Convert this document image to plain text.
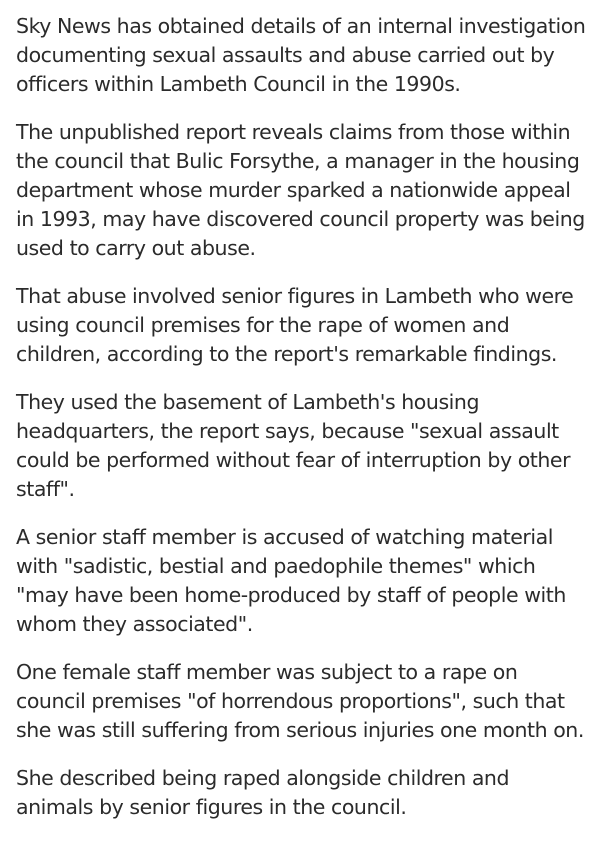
Sky News has obtained details of an internal investigation documenting sexual assaults and abuse carried out by officers within Lambeth Council in the 1990s.

The unpublished report reveals claims from those within the council that Bulic Forsythe, a manager in the housing department whose murder sparked a nationwide appeal in 1993, may have discovered council property was being used to carry out abuse.

That abuse involved senior figures in Lambeth who were using council premises for the rape of women and children, according to the report's remarkable findings.

They used the basement of Lambeth's housing headquarters, the report says, because "sexual assault could be performed without fear of interruption by other staff".

A senior staff member is accused of watching material with "sadistic, bestial and paedophile themes" which "may have been home-produced by staff of people with whom they associated".

One female staff member was subject to a rape on council premises "of horrendous proportions", such that she was still suffering from serious injuries one month on.

She described being raped alongside children and animals by senior figures in the council.
